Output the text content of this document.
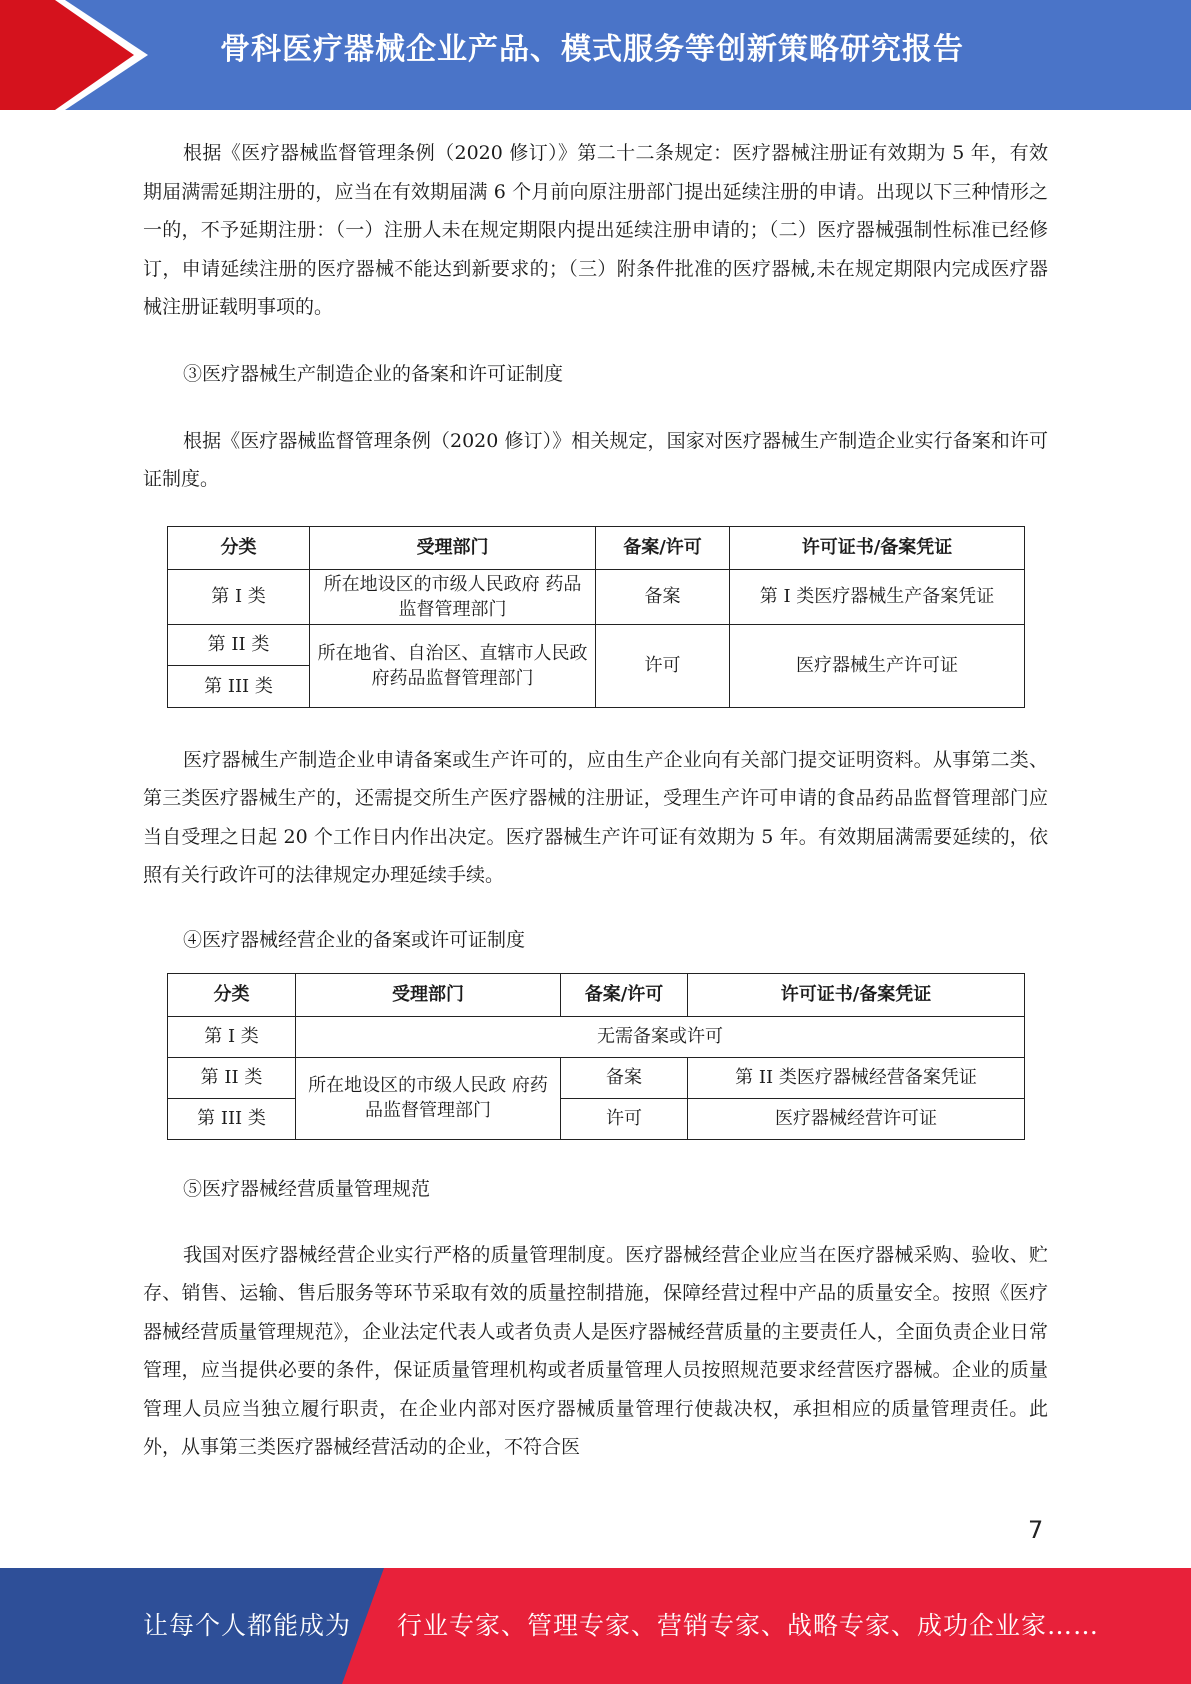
骨科医疗器械企业产品、模式服务等创新策略研究报告

根据《医疗器械监督管理条例（2020 修订）》第二十二条规定：医疗器械注册证有效期为 5 年，有效期届满需延期注册的，应当在有效期届满 6 个月前向原注册部门提出延续注册的申请。出现以下三种情形之一的，不予延期注册：（一）注册人未在规定期限内提出延续注册申请的；（二）医疗器械强制性标准已经修订，申请延续注册的医疗器械不能达到新要求的；（三）附条件批准的医疗器械,未在规定期限内完成医疗器械注册证载明事项的。

③医疗器械生产制造企业的备案和许可证制度

根据《医疗器械监督管理条例（2020 修订）》相关规定，国家对医疗器械生产制造企业实行备案和许可证制度。

分类	受理部门	备案/许可	许可证书/备案凭证
第 I 类	所在地设区的市级人民政府 药品监督管理部门	备案	第 I 类医疗器械生产备案凭证
第 II 类	所在地省、自治区、直辖市人民政府药品监督管理部门	许可	医疗器械生产许可证
第 III 类			

医疗器械生产制造企业申请备案或生产许可的，应由生产企业向有关部门提交证明资料。从事第二类、第三类医疗器械生产的，还需提交所生产医疗器械的注册证，受理生产许可申请的食品药品监督管理部门应当自受理之日起 20 个工作日内作出决定。医疗器械生产许可证有效期为 5 年。有效期届满需要延续的，依照有关行政许可的法律规定办理延续手续。

④医疗器械经营企业的备案或许可证制度

分类	受理部门	备案/许可	许可证书/备案凭证
第 I 类	无需备案或许可		
第 II 类	所在地设区的市级人民政 府药品监督管理部门	备案	第 II 类医疗器械经营备案凭证
第 III 类		许可	医疗器械经营许可证

⑤医疗器械经营质量管理规范

我国对医疗器械经营企业实行严格的质量管理制度。医疗器械经营企业应当在医疗器械采购、验收、贮存、销售、运输、售后服务等环节采取有效的质量控制措施，保障经营过程中产品的质量安全。按照《医疗器械经营质量管理规范》，企业法定代表人或者负责人是医疗器械经营质量的主要责任人，全面负责企业日常管理，应当提供必要的条件，保证质量管理机构或者质量管理人员按照规范要求经营医疗器械。企业的质量管理人员应当独立履行职责，在企业内部对医疗器械质量管理行使裁决权，承担相应的质量管理责任。此外，从事第三类医疗器械经营活动的企业，不符合医

7
让每个人都能成为 行业专家、管理专家、营销专家、战略专家、成功企业家……
